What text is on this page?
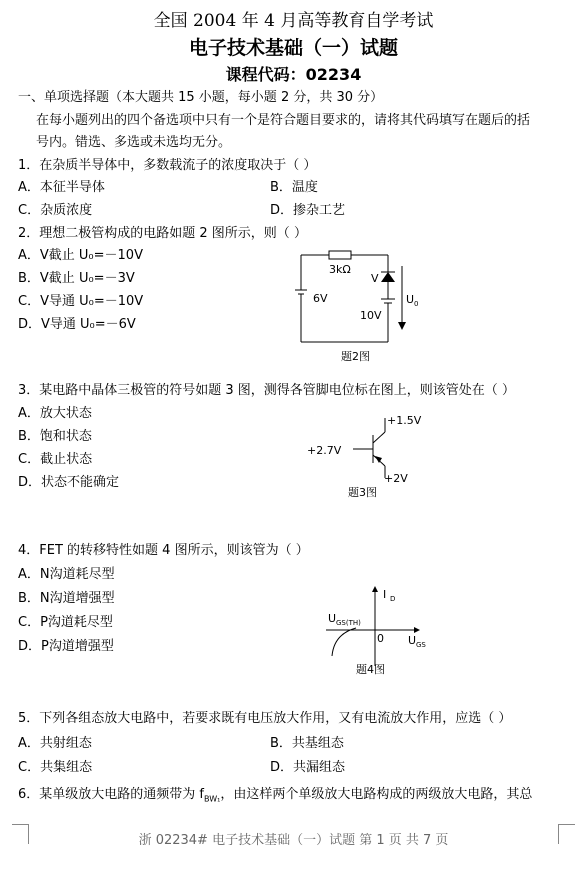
全国 2004 年 4 月高等教育自学考试
电子技术基础（一）试题
课程代码：02234
一、单项选择题（本大题共 15 小题，每小题 2 分，共 30 分）
在每小题列出的四个备选项中只有一个是符合题目要求的，请将其代码填写在题后的括
号内。错选、多选或未选均无分。
1．在杂质半导体中，多数载流子的浓度取决于（ ）
A．本征半导体	B．温度
C．杂质浓度	D．掺杂工艺
2．理想二极管构成的电路如题 2 图所示，则（ ）
A．V截止 U₀=－10V
B．V截止 U₀=－3V
C．V导通 U₀=－10V
D．V导通 U₀=－6V
3kΩ
6V
V
10V
U 0
题2图
3．某电路中晶体三极管的符号如题 3 图，测得各管脚电位标在图上，则该管处在（ ）
A．放大状态
B．饱和状态
C．截止状态
D．状态不能确定
+1.5V
+2.7V
+2V
题3图
4．FET 的转移特性如题 4 图所示，则该管为（ ）
A．N沟道耗尽型
B．N沟道增强型
C．P沟道耗尽型
D．P沟道增强型
I D
U GS(TH)
0 U GS
题4图
5．下列各组态放大电路中，若要求既有电压放大作用，又有电流放大作用，应选（ ）
A．共射组态	B．共基组态
C．共集组态	D．共漏组态
6．某单级放大电路的通频带为 $f_{BW_1}$，由这样两个单级放大电路构成的两级放大电路，其总
浙 02234# 电子技术基础（一）试题 第 1 页 共 7 页
